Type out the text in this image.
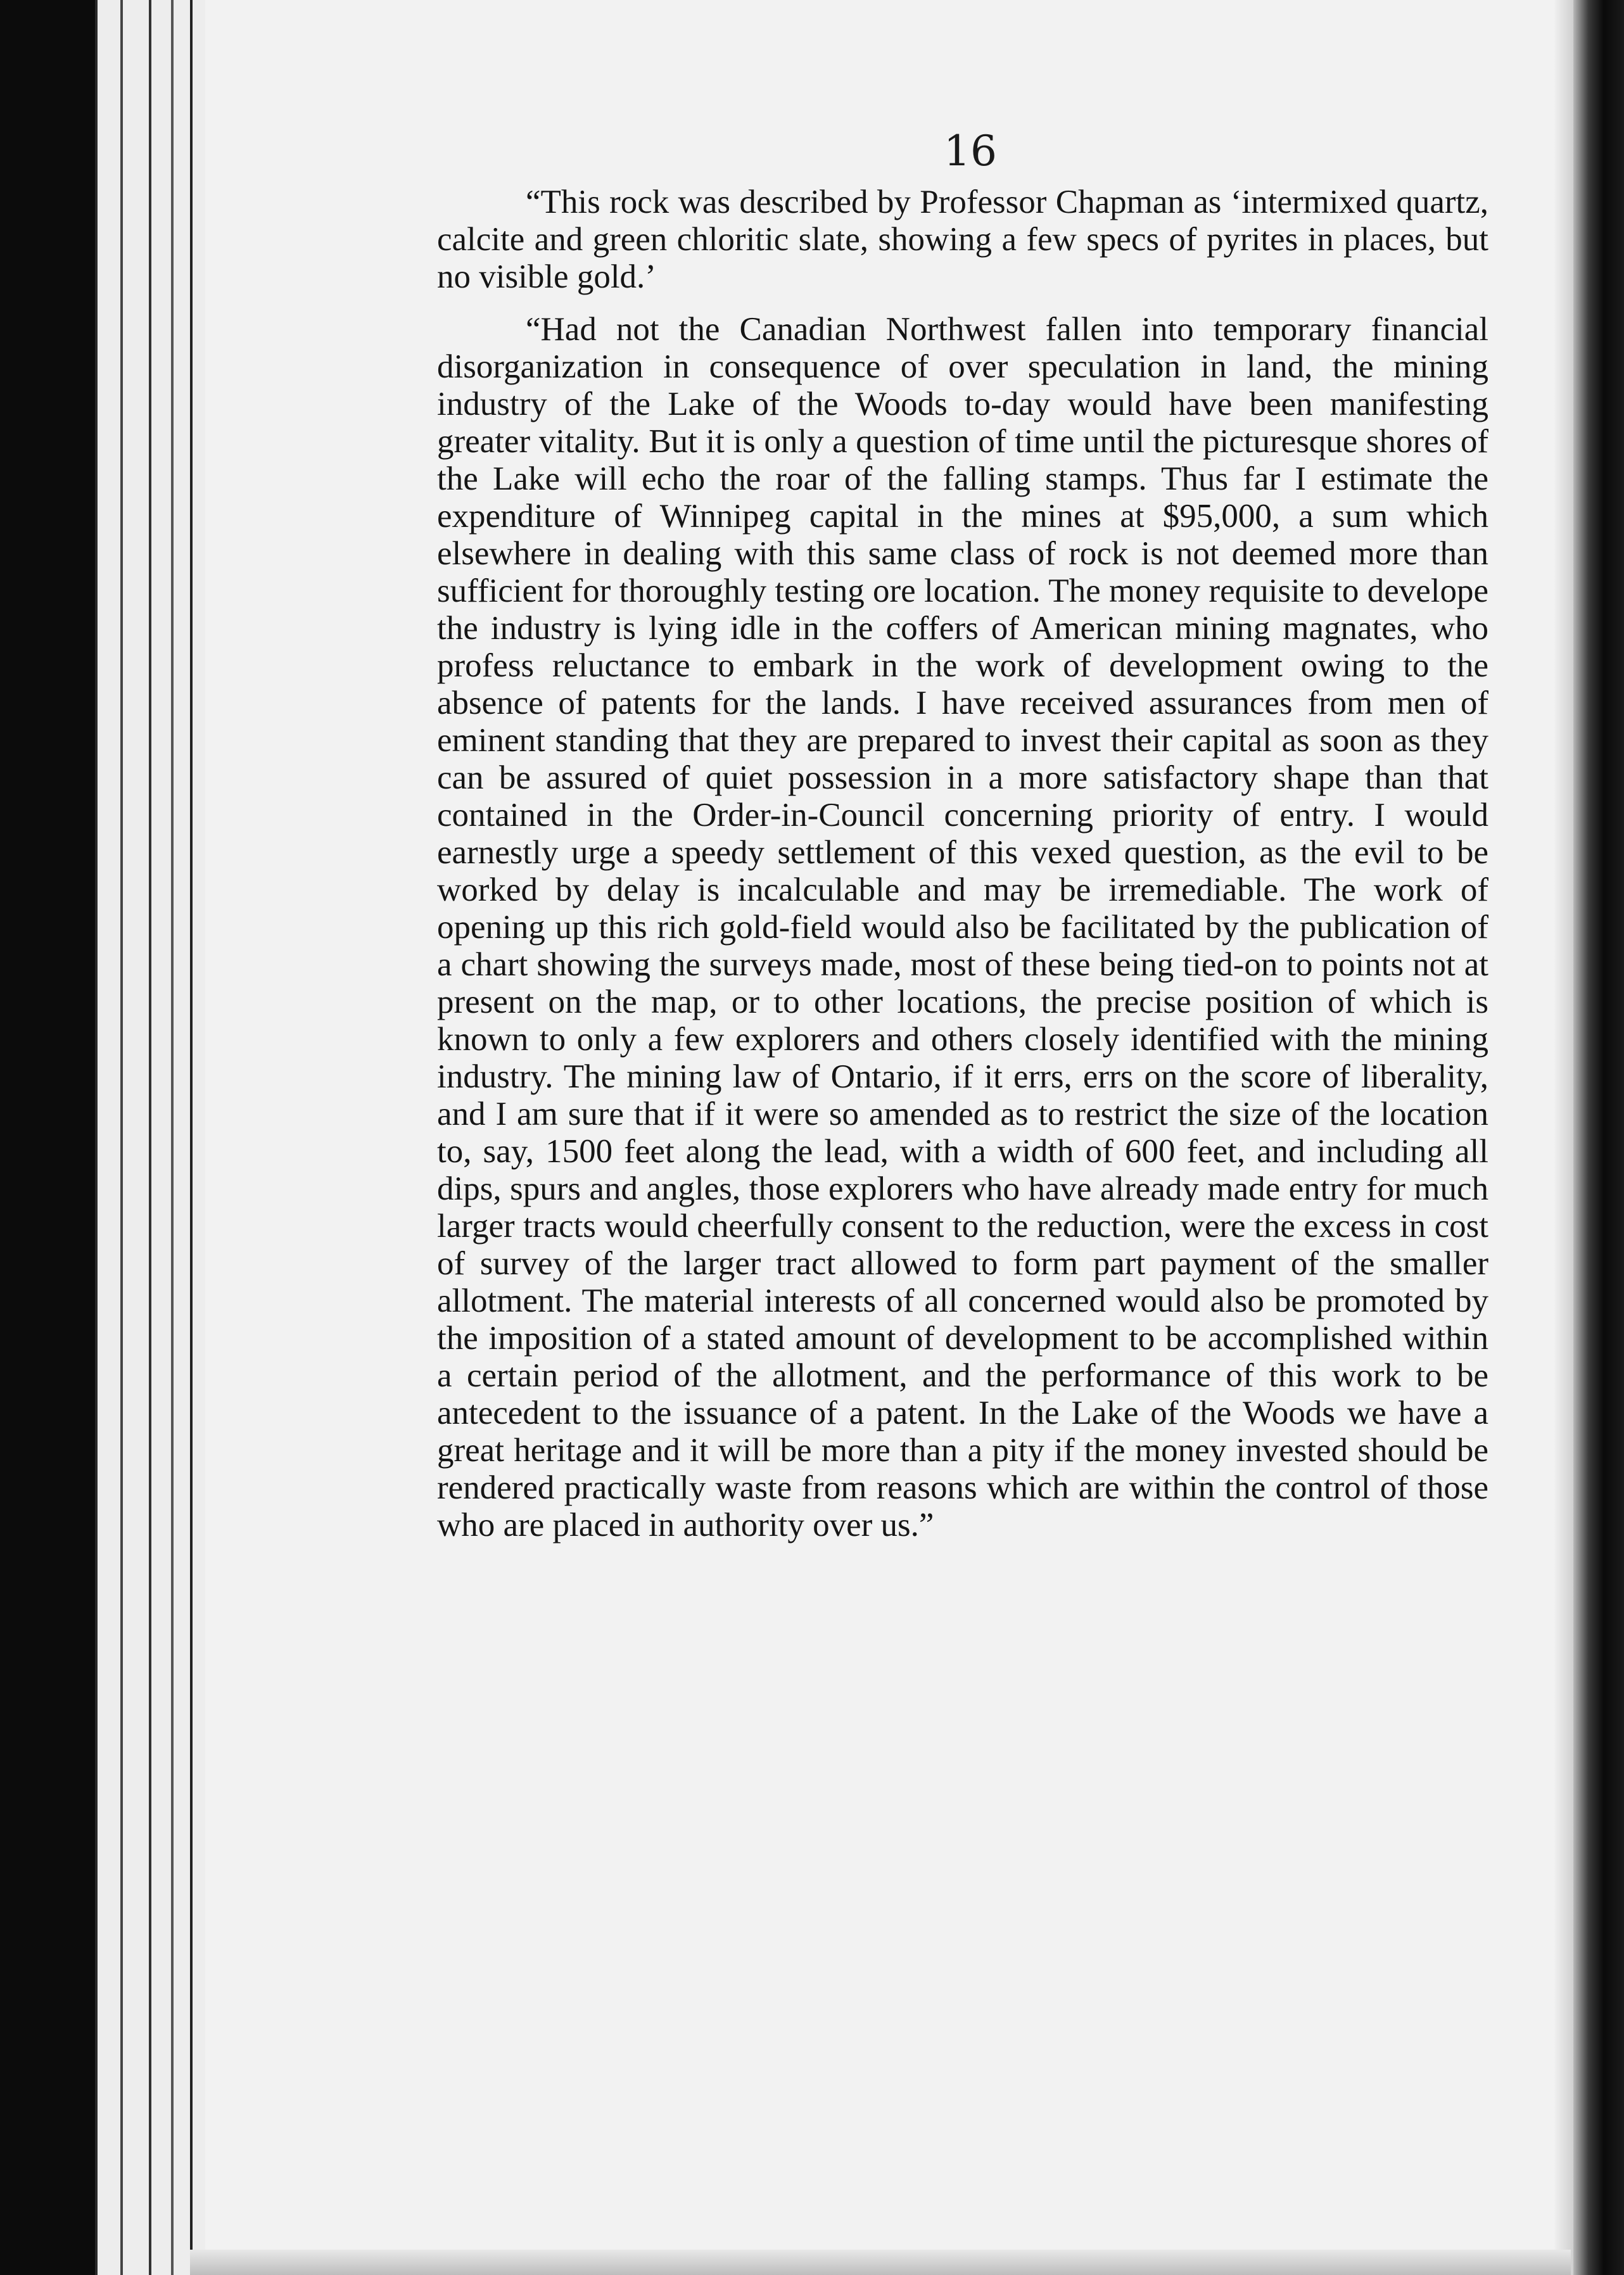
16

“This rock was described by Professor Chapman as ‘intermixed quartz, calcite and green chloritic slate, showing a few specs of pyrites in places, but no visible gold.’

“Had not the Canadian Northwest fallen into temporary financial disorganization in consequence of over speculation in land, the mining industry of the Lake of the Woods to-day would have been manifesting greater vitality. But it is only a question of time until the picturesque shores of the Lake will echo the roar of the falling stamps. Thus far I estimate the expenditure of Winnipeg capital in the mines at $95,000, a sum which elsewhere in dealing with this same class of rock is not deemed more than sufficient for thoroughly testing ore location. The money requisite to develope the industry is lying idle in the coffers of American mining magnates, who profess reluctance to embark in the work of development owing to the absence of patents for the lands. I have received assurances from men of eminent standing that they are prepared to invest their capital as soon as they can be assured of quiet possession in a more satisfactory shape than that contained in the Order-in-Council concerning priority of entry. I would earnestly urge a speedy settlement of this vexed question, as the evil to be worked by delay is incalculable and may be irremediable. The work of opening up this rich gold-field would also be facilitated by the publication of a chart showing the surveys made, most of these being tied-on to points not at present on the map, or to other locations, the precise position of which is known to only a few explorers and others closely identified with the mining industry. The mining law of Ontario, if it errs, errs on the score of liberality, and I am sure that if it were so amended as to restrict the size of the location to, say, 1500 feet along the lead, with a width of 600 feet, and including all dips, spurs and angles, those explorers who have already made entry for much larger tracts would cheerfully consent to the reduction, were the excess in cost of survey of the larger tract allowed to form part payment of the smaller allotment. The material interests of all concerned would also be promoted by the imposition of a stated amount of development to be accomplished within a certain period of the allotment, and the performance of this work to be antecedent to the issuance of a patent. In the Lake of the Woods we have a great heritage and it will be more than a pity if the money invested should be rendered practically waste from reasons which are within the control of those who are placed in authority over us.”
